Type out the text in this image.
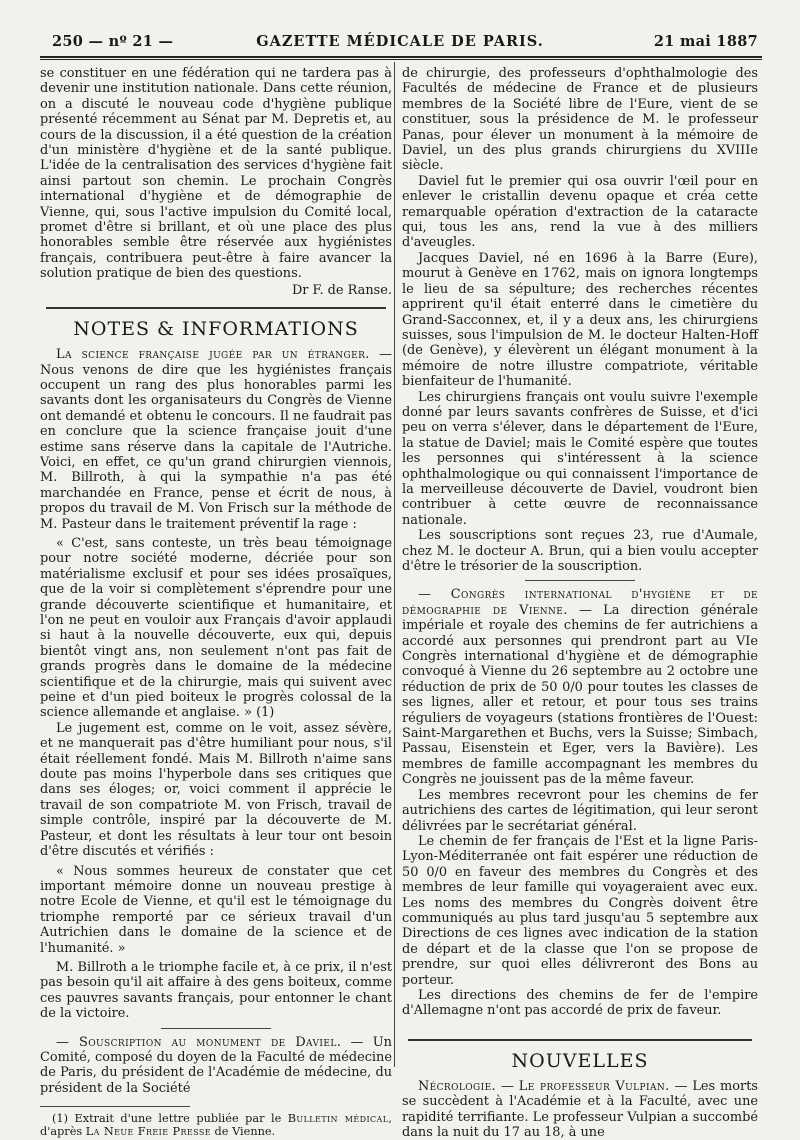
250 — nº 21 —	GAZETTE MÉDICALE DE PARIS.	21 mai 1887

se constituer en une fédération qui ne tardera pas à devenir une institution nationale. Dans cette réunion, on a discuté le nouveau code d'hygiène publique présenté récemment au Sénat par M. Depretis et, au cours de la discussion, il a été question de la création d'un ministère d'hygiène et de la santé publique. L'idée de la centralisation des services d'hygiène fait ainsi partout son chemin. Le prochain Congrès international d'hygiène et de démographie de Vienne, qui, sous l'active impulsion du Comité local, promet d'être si brillant, et où une place des plus honorables semble être réservée aux hygiénistes français, contribuera peut-être à faire avancer la solution pratique de bien des questions.

Dr F. de Ranse.
NOTES & INFORMATIONS

La science française jugée par un étranger. — Nous venons de dire que les hygiénistes français occupent un rang des plus honorables parmi les savants dont les organisateurs du Congrès de Vienne ont demandé et obtenu le concours. Il ne faudrait pas en conclure que la science française jouit d'une estime sans réserve dans la capitale de l'Autriche. Voici, en effet, ce qu'un grand chirurgien viennois, M. Billroth, à qui la sympathie n'a pas été marchandée en France, pense et écrit de nous, à propos du travail de M. Von Frisch sur la méthode de M. Pasteur dans le traitement préventif la rage :

« C'est, sans conteste, un très beau témoignage pour notre société moderne, décriée pour son matérialisme exclusif et pour ses idées prosaïques, que de la voir si complètement s'éprendre pour une grande découverte scientifique et humanitaire, et l'on ne peut en vouloir aux Français d'avoir applaudi si haut à la nouvelle découverte, eux qui, depuis bientôt vingt ans, non seulement n'ont pas fait de grands progrès dans le domaine de la médecine scientifique et de la chirurgie, mais qui suivent avec peine et d'un pied boiteux le progrès colossal de la science allemande et anglaise. » (1)

Le jugement est, comme on le voit, assez sévère, et ne manquerait pas d'être humiliant pour nous, s'il était réellement fondé. Mais M. Billroth n'aime sans doute pas moins l'hyperbole dans ses critiques que dans ses éloges; or, voici comment il apprécie le travail de son compatriote M. von Frisch, travail de simple contrôle, inspiré par la découverte de M. Pasteur, et dont les résultats à leur tour ont besoin d'être discutés et vérifiés :

« Nous sommes heureux de constater que cet important mémoire donne un nouveau prestige à notre Ecole de Vienne, et qu'il est le témoignage du triomphe remporté par ce sérieux travail d'un Autrichien dans le domaine de la science et de l'humanité. »

M. Billroth a le triomphe facile et, à ce prix, il n'est pas besoin qu'il ait affaire à des gens boiteux, comme ces pauvres savants français, pour entonner le chant de la victoire.

— Souscription au monument de Daviel. — Un Comité, composé du doyen de la Faculté de médecine de Paris, du président de l'Académie de médecine, du président de la Société

(1) Extrait d'une lettre publiée par le Bulletin médical, d'après La Neue Freie Presse de Vienne.

de chirurgie, des professeurs d'ophthalmologie des Facultés de médecine de France et de plusieurs membres de la Société libre de l'Eure, vient de se constituer, sous la présidence de M. le professeur Panas, pour élever un monument à la mémoire de Daviel, un des plus grands chirurgiens du XVIIIe siècle.

Daviel fut le premier qui osa ouvrir l'œil pour en enlever le cristallin devenu opaque et créa cette remarquable opération d'extraction de la cataracte qui, tous les ans, rend la vue à des milliers d'aveugles.

Jacques Daviel, né en 1696 à la Barre (Eure), mourut à Genève en 1762, mais on ignora longtemps le lieu de sa sépulture; des recherches récentes apprirent qu'il était enterré dans le cimetière du Grand-Sacconnex, et, il y a deux ans, les chirurgiens suisses, sous l'impulsion de M. le docteur Halten-Hoff (de Genève), y élevèrent un élégant monument à la mémoire de notre illustre compatriote, véritable bienfaiteur de l'humanité.

Les chirurgiens français ont voulu suivre l'exemple donné par leurs savants confrères de Suisse, et d'ici peu on verra s'élever, dans le département de l'Eure, la statue de Daviel; mais le Comité espère que toutes les personnes qui s'intéressent à la science ophthalmologique ou qui connaissent l'importance de la merveilleuse découverte de Daviel, voudront bien contribuer à cette œuvre de reconnaissance nationale.

Les souscriptions sont reçues 23, rue d'Aumale, chez M. le docteur A. Brun, qui a bien voulu accepter d'être le trésorier de la souscription.

— Congrès international d'hygiène et de démographie de Vienne. — La direction générale impériale et royale des chemins de fer autrichiens a accordé aux personnes qui prendront part au VIe Congrès international d'hygiène et de démographie convoqué à Vienne du 26 septembre au 2 octobre une réduction de prix de 50 0/0 pour toutes les classes de ses lignes, aller et retour, et pour tous ses trains réguliers de voyageurs (stations frontières de l'Ouest: Saint-Margarethen et Buchs, vers la Suisse; Simbach, Passau, Eisenstein et Eger, vers la Bavière). Les membres de famille accompagnant les membres du Congrès ne jouissent pas de la même faveur.

Les membres recevront pour les chemins de fer autrichiens des cartes de légitimation, qui leur seront délivrées par le secrétariat général.

Le chemin de fer français de l'Est et la ligne Paris-Lyon-Méditerranée ont fait espérer une réduction de 50 0/0 en faveur des membres du Congrès et des membres de leur famille qui voyageraient avec eux. Les noms des membres du Congrès doivent être communiqués au plus tard jusqu'au 5 septembre aux Directions de ces lignes avec indication de la station de départ et de la classe que l'on se propose de prendre, sur quoi elles délivreront des Bons au porteur.

Les directions des chemins de fer de l'empire d'Allemagne n'ont pas accordé de prix de faveur.

NOUVELLES

Nécrologie. — Le professeur Vulpian. — Les morts se succèdent à l'Académie et à la Faculté, avec une rapidité terrifiante. Le professeur Vulpian a succombé dans la nuit du 17 au 18, à une
